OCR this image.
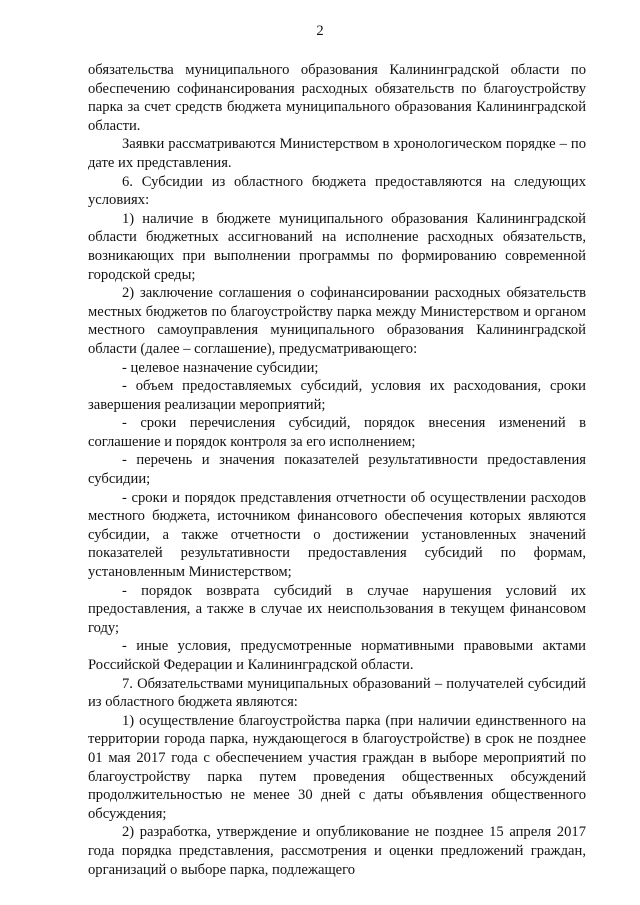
2

обязательства муниципального образования Калининградской области по обеспечению софинансирования расходных обязательств по благоустройству парка за счет средств бюджета муниципального образования Калининградской области.

Заявки рассматриваются Министерством в хронологическом порядке – по дате их представления.

6. Субсидии из областного бюджета предоставляются на следующих условиях:

1) наличие в бюджете муниципального образования Калининградской области бюджетных ассигнований на исполнение расходных обязательств, возникающих при выполнении программы по формированию современной городской среды;

2) заключение соглашения о софинансировании расходных обязательств местных бюджетов по благоустройству парка между Министерством и органом местного самоуправления муниципального образования Калининградской области (далее – соглашение), предусматривающего:

- целевое назначение субсидии;

- объем предоставляемых субсидий, условия их расходования, сроки завершения реализации мероприятий;

- сроки перечисления субсидий, порядок внесения изменений в соглашение и порядок контроля за его исполнением;

- перечень и значения показателей результативности предоставления субсидии;

- сроки и порядок представления отчетности об осуществлении расходов местного бюджета, источником финансового обеспечения которых являются субсидии, а также отчетности о достижении установленных значений показателей результативности предоставления субсидий по формам, установленным Министерством;

- порядок возврата субсидий в случае нарушения условий их предоставления, а также в случае их неиспользования в текущем финансовом году;

- иные условия, предусмотренные нормативными правовыми актами Российской Федерации и Калининградской области.

7. Обязательствами муниципальных образований – получателей субсидий из областного бюджета являются:

1) осуществление благоустройства парка (при наличии единственного на территории города парка, нуждающегося в благоустройстве) в срок не позднее 01 мая 2017 года с обеспечением участия граждан в выборе мероприятий по благоустройству парка путем проведения общественных обсуждений продолжительностью не менее 30 дней с даты объявления общественного обсуждения;

2) разработка, утверждение и опубликование не позднее 15 апреля 2017 года порядка представления, рассмотрения и оценки предложений граждан, организаций о выборе парка, подлежащего
